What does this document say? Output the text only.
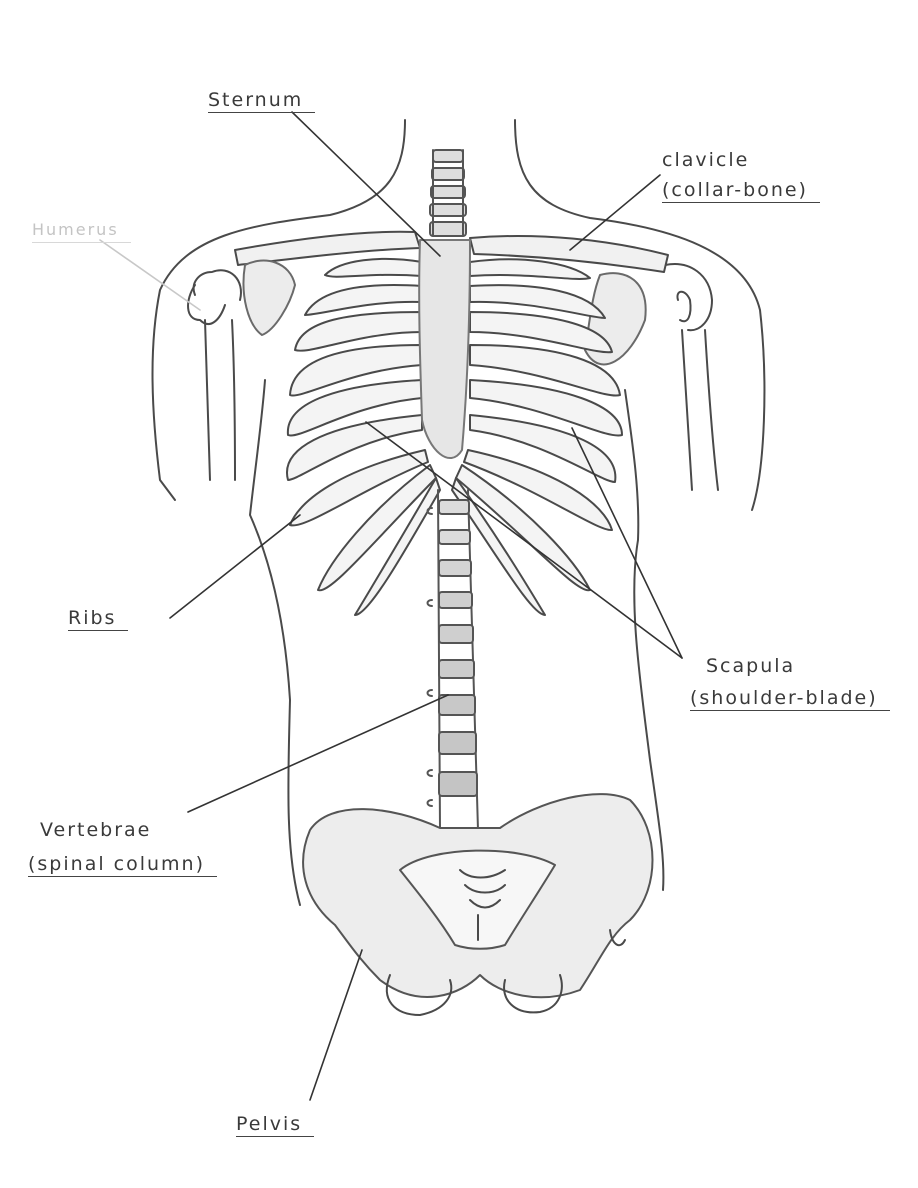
Sternum
clavicle
(collar-bone)
Humerus
Ribs
Scapula
(shoulder-blade)
Vertebrae
(spinal column)
Pelvis
